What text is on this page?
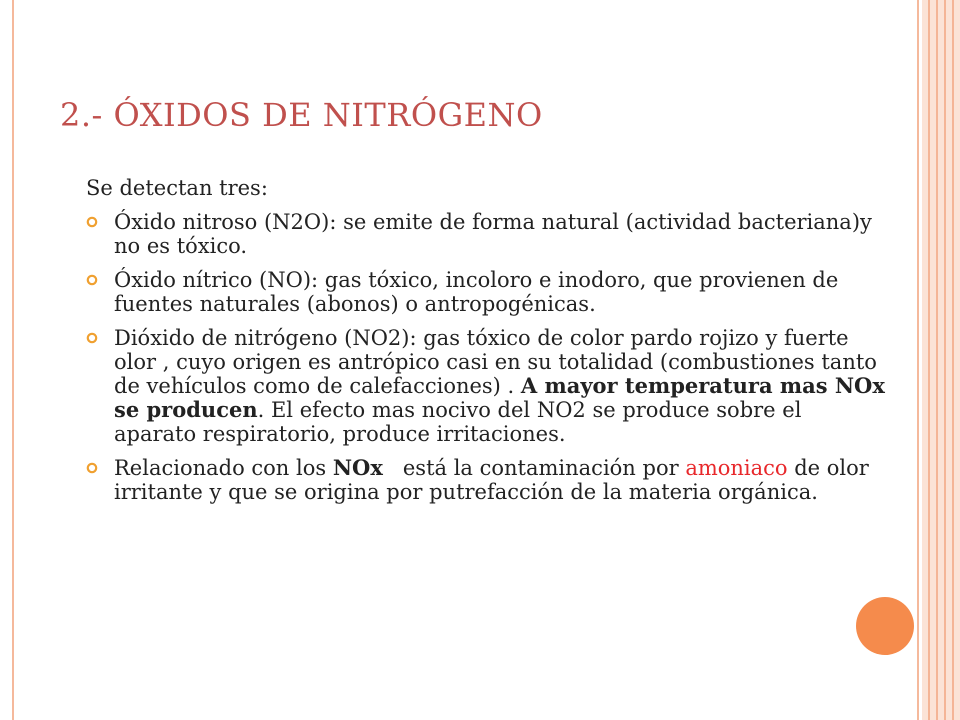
2.- ÓXIDOS DE NITRÓGENO
Se detectan tres:
Óxido nitroso (N2O): se emite de forma natural (actividad bacteriana)y no es tóxico.
Óxido nítrico (NO): gas tóxico, incoloro e inodoro, que provienen de fuentes naturales (abonos) o antropogénicas.
Dióxido de nitrógeno (NO2): gas tóxico de color pardo rojizo y fuerte olor , cuyo origen es antrópico casi en su totalidad (combustiones tanto de vehículos como de calefacciones) . A mayor temperatura mas NOx se producen. El efecto mas nocivo del NO2 se produce sobre el aparato respiratorio, produce irritaciones.
Relacionado con los NOx   está la contaminación por amoniaco de olor irritante y que se origina por putrefacción de la materia orgánica.
